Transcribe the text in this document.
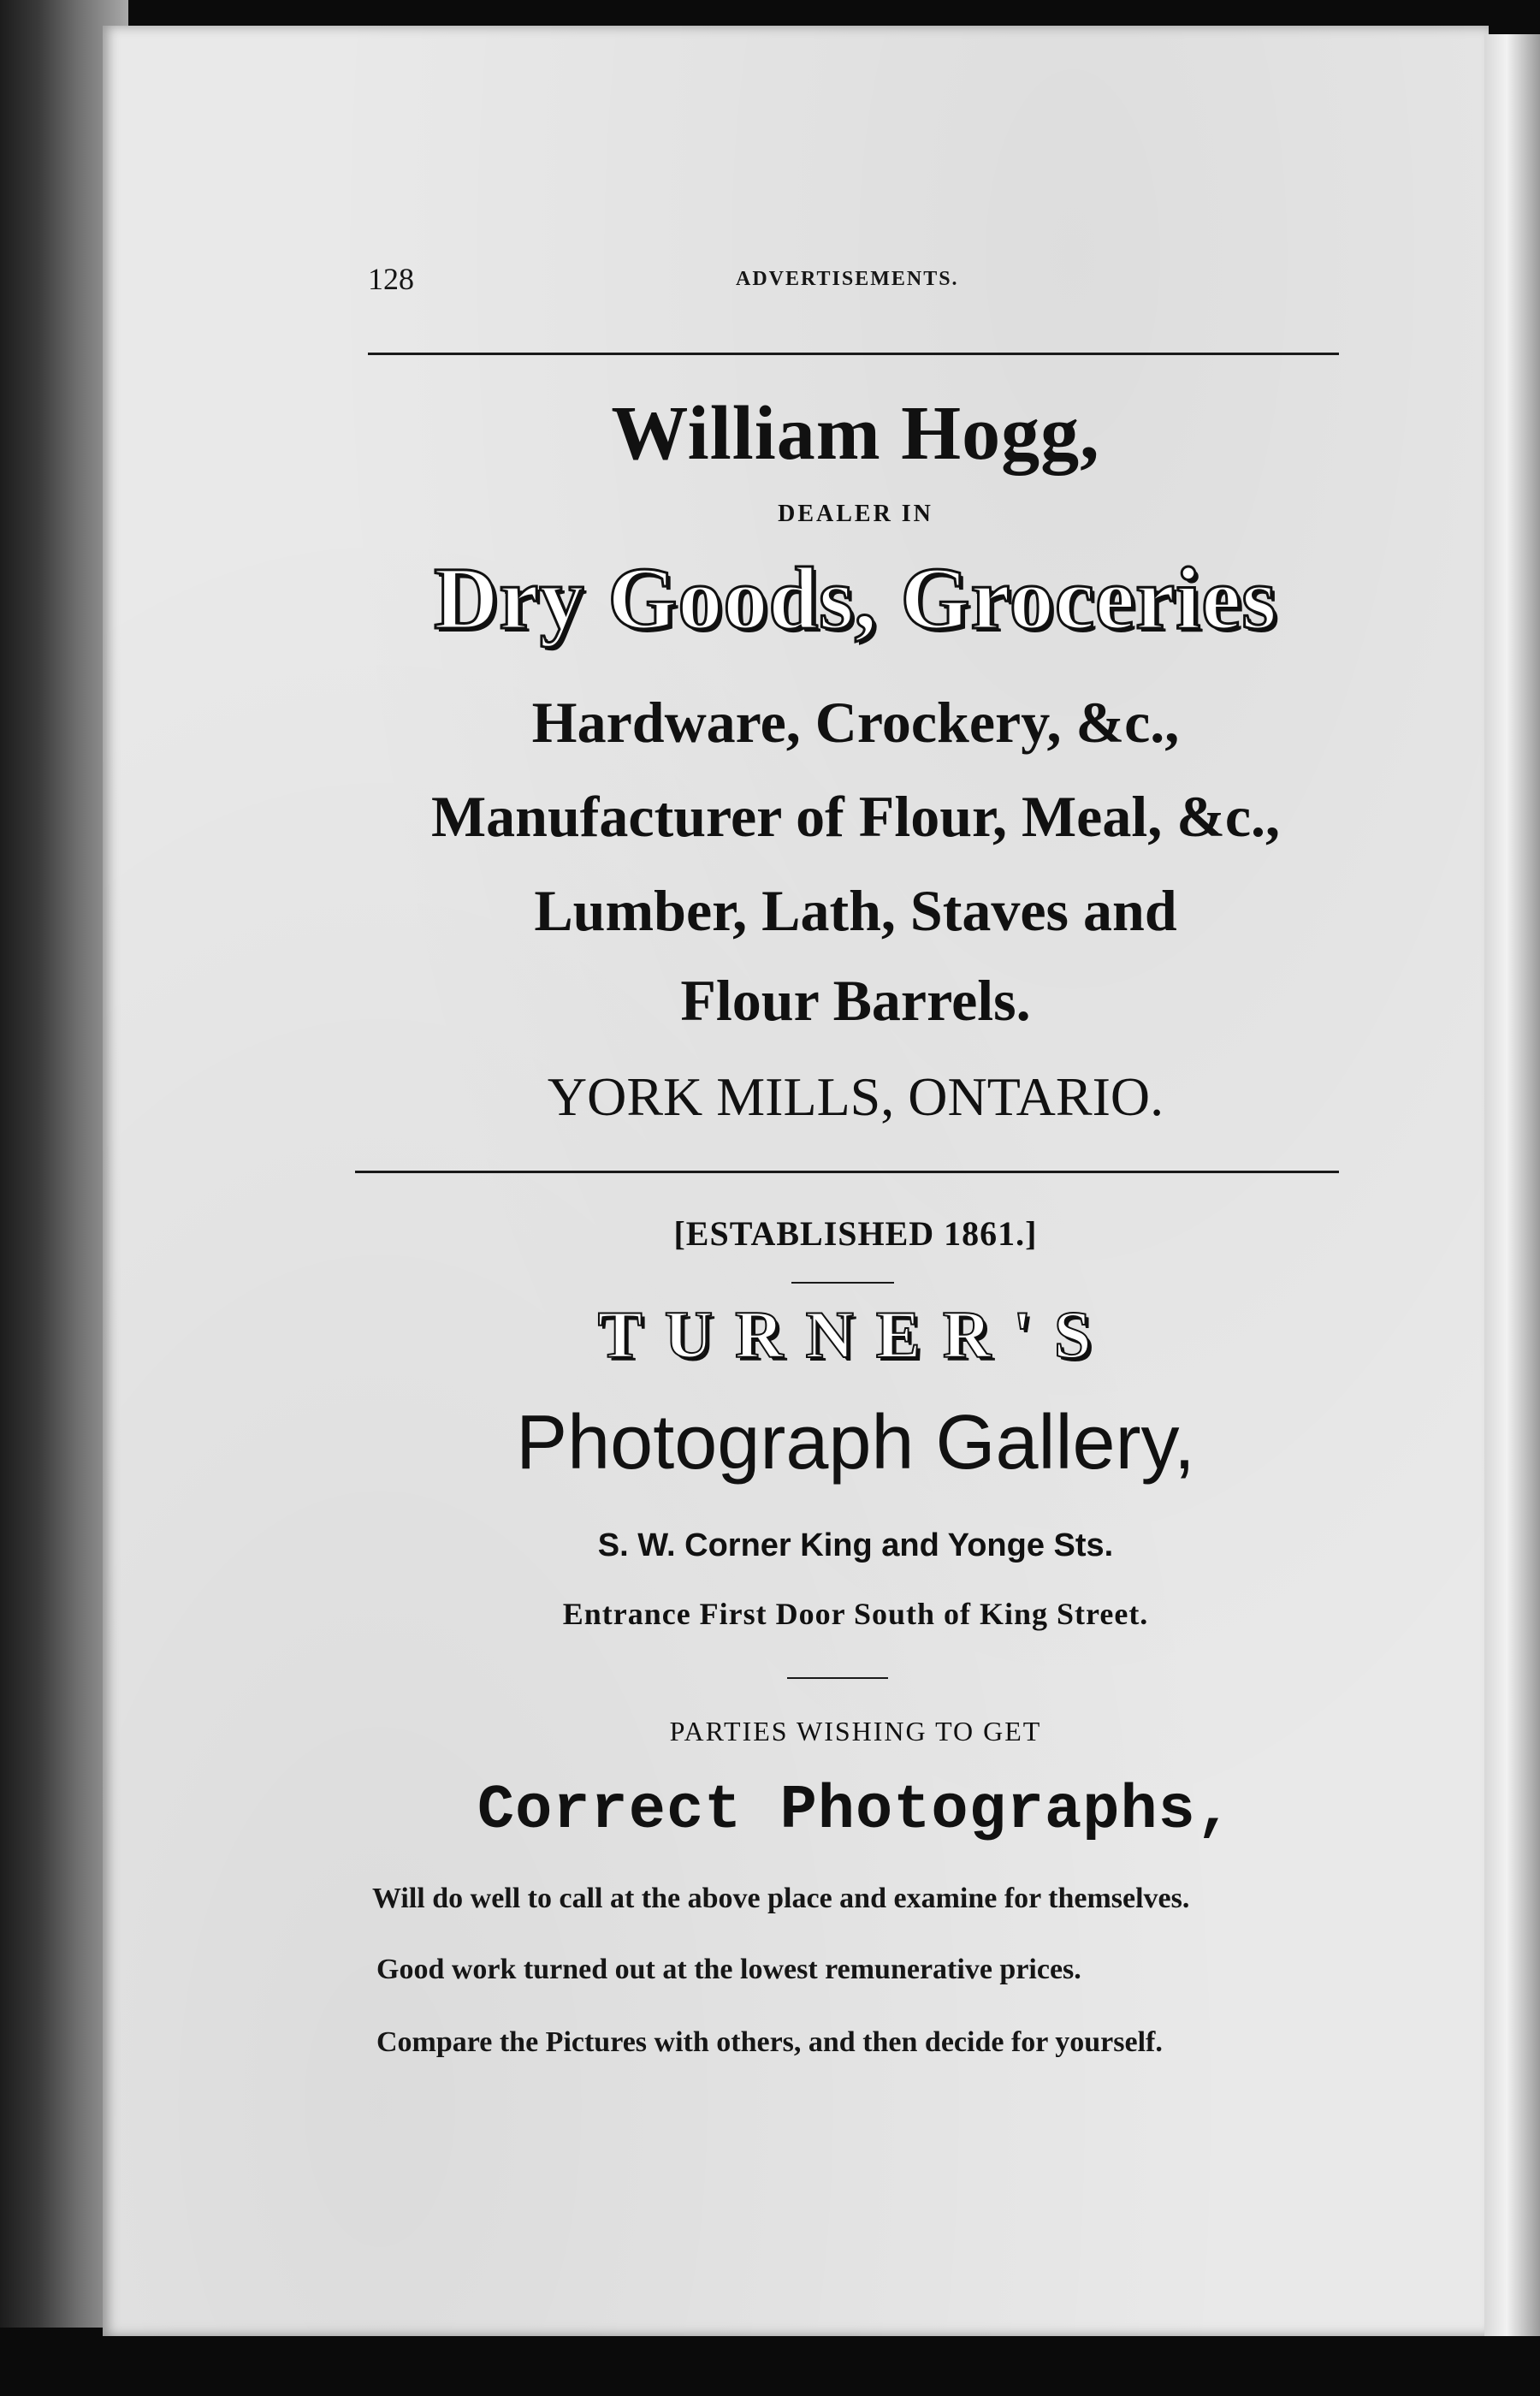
128	ADVERTISEMENTS.
William Hogg,
DEALER IN
Dry Goods, Groceries
Hardware, Crockery, &c.,
Manufacturer of Flour, Meal, &c.,
Lumber, Lath, Staves and
Flour Barrels.
YORK MILLS, ONTARIO.
[ESTABLISHED 1861.]
TURNER'S
Photograph Gallery,
S. W. Corner King and Yonge Sts.
Entrance First Door South of King Street.
PARTIES WISHING TO GET
Correct Photographs,
Will do well to call at the above place and examine for themselves.
Good work turned out at the lowest remunerative prices.
Compare the Pictures with others, and then decide for yourself.
